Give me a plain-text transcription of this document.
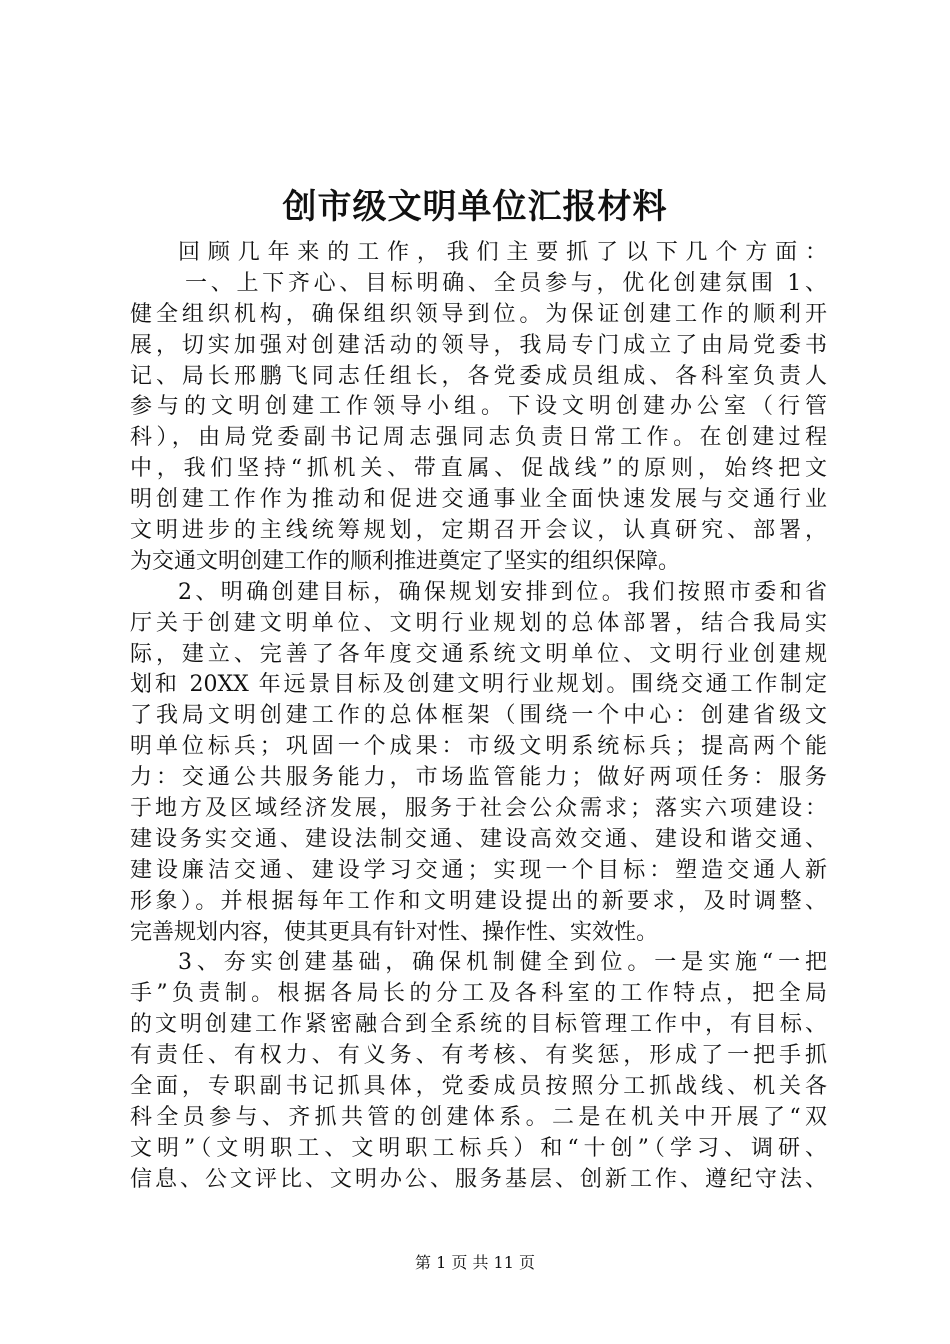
创市级文明单位汇报材料
回顾几年来的工作，我们主要抓了以下几个方面：
一、上下齐心、目标明确、全员参与，优化创建氛围 1、
健全组织机构，确保组织领导到位。为保证创建工作的顺利开
展，切实加强对创建活动的领导，我局专门成立了由局党委书
记、局长邢鹏飞同志任组长，各党委成员组成、各科室负责人
参与的文明创建工作领导小组。下设文明创建办公室（行管
科），由局党委副书记周志强同志负责日常工作。在创建过程
中，我们坚持“抓机关、带直属、促战线”的原则，始终把文
明创建工作作为推动和促进交通事业全面快速发展与交通行业
文明进步的主线统筹规划，定期召开会议，认真研究、部署，
为交通文明创建工作的顺利推进奠定了坚实的组织保障。
2、明确创建目标，确保规划安排到位。我们按照市委和省
厅关于创建文明单位、文明行业规划的总体部署，结合我局实
际，建立、完善了各年度交通系统文明单位、文明行业创建规
划和 20XX 年远景目标及创建文明行业规划。围绕交通工作制定
了我局文明创建工作的总体框架（围绕一个中心：创建省级文
明单位标兵；巩固一个成果：市级文明系统标兵；提高两个能
力：交通公共服务能力，市场监管能力；做好两项任务：服务
于地方及区域经济发展，服务于社会公众需求；落实六项建设：
建设务实交通、建设法制交通、建设高效交通、建设和谐交通、
建设廉洁交通、建设学习交通；实现一个目标：塑造交通人新
形象）。并根据每年工作和文明建设提出的新要求，及时调整、
完善规划内容，使其更具有针对性、操作性、实效性。
3、夯实创建基础，确保机制健全到位。一是实施“一把
手”负责制。根据各局长的分工及各科室的工作特点，把全局
的文明创建工作紧密融合到全系统的目标管理工作中，有目标、
有责任、有权力、有义务、有考核、有奖惩，形成了一把手抓
全面，专职副书记抓具体，党委成员按照分工抓战线、机关各
科全员参与、齐抓共管的创建体系。二是在机关中开展了“双
文明”（文明职工、文明职工标兵）和“十创”（学习、调研、
信息、公文评比、文明办公、服务基层、创新工作、遵纪守法、
第 1 页 共 11 页
